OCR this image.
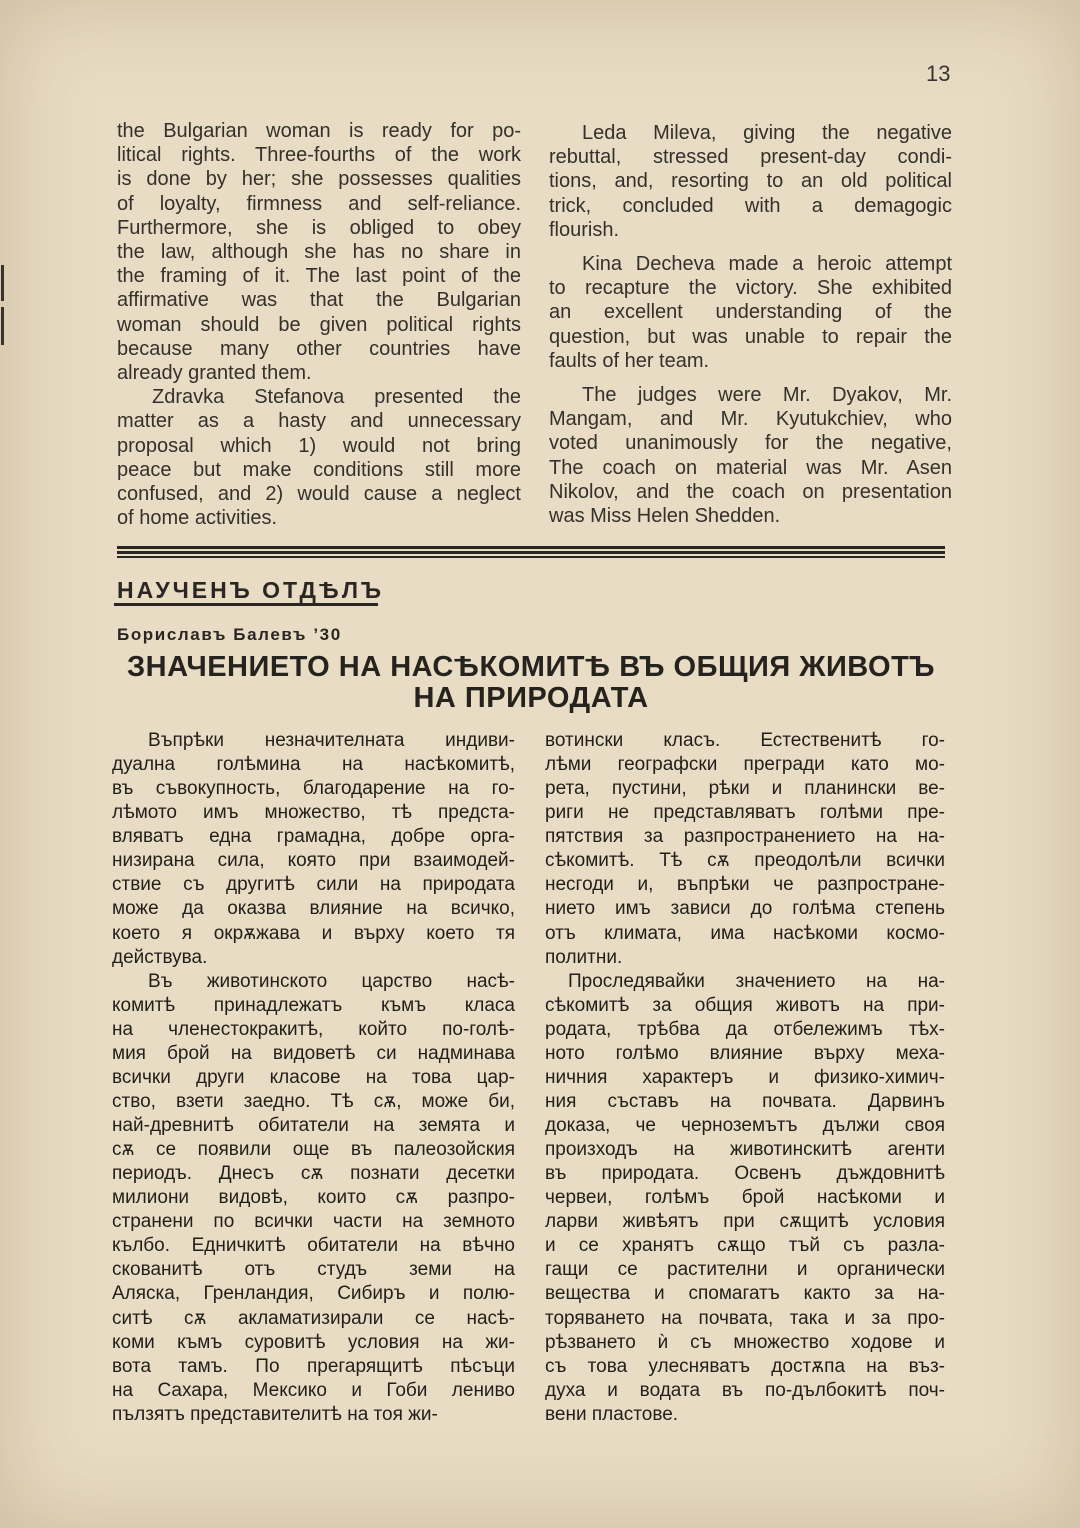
13
the Bulgarian woman is ready for po-
litical rights. Three-fourths of the work
is done by her; she possesses qualities
of loyalty, firmness and self-reliance.
Furthermore, she is obliged to obey
the law, although she has no share in
the framing of it. The last point of the
affirmative was that the Bulgarian
woman should be given political rights
because many other countries have
already granted them.
Zdravka Stefanova presented the
matter as a hasty and unnecessary
proposal which 1) would not bring
peace but make conditions still more
confused, and 2) would cause a neglect
of home activities.
Leda Mileva, giving the negative
rebuttal, stressed present-day condi-
tions, and, resorting to an old political
trick, concluded with a demagogic
flourish.
Kina Decheva made a heroic attempt
to recapture the victory. She exhibited
an excellent understanding of the
question, but was unable to repair the
faults of her team.
The judges were Mr. Dyakov, Mr.
Mangam, and Mr. Kyutukchiev, who
voted unanimously for the negative,
The coach on material was Mr. Asen
Nikolov, and the coach on presentation
was Miss Helen Shedden.
НАУЧЕНЪ ОТДѢЛЪ
Бориславъ Балевъ ’30
ЗНАЧЕНИЕТО НА НАСѢКОМИТѢ ВЪ ОБЩИЯ ЖИВОТЪ
НА ПРИРОДАТА
Въпрѣки незначителната индиви-
дуална голѣмина на насѣкомитѣ,
въ съвокупность, благодарение на го-
лѣмото имъ множество, тѣ предста-
вляватъ една грамадна, добре орга-
низирана сила, която при взаимодей-
ствие съ другитѣ сили на природата
може да оказва влияние на всичко,
което я окрѫжава и върху което тя
действува.
Въ животинското царство насѣ-
комитѣ принадлежатъ къмъ класа
на членестокракитѣ, който по-голѣ-
мия брой на видоветѣ си надминава
всички други класове на това цар-
ство, взети заедно. Тѣ сѫ, може би,
най-древнитѣ обитатели на земята и
сѫ се появили още въ палеозойския
периодъ. Днесъ сѫ познати десетки
милиони видовѣ, които сѫ разпро-
странени по всички части на земното
кълбо. Едничкитѣ обитатели на вѣчно
скованитѣ отъ студъ земи на
Аляска, Гренландия, Сибиръ и полю-
ситѣ сѫ акламатизирали се насѣ-
коми къмъ суровитѣ условия на жи-
вота тамъ. По прегарящитѣ пѣсъци
на Сахара, Мексико и Гоби лениво
пълзятъ представителитѣ на тоя жи-
вотински класъ. Естественитѣ го-
лѣми географски прегради като мо-
рета, пустини, рѣки и планински ве-
риги не представляватъ голѣми пре-
пятствия за разпространението на на-
сѣкомитѣ. Тѣ сѫ преодолѣли всички
несгоди и, въпрѣки че разпростране-
нието имъ зависи до голѣма степень
отъ климата, има насѣкоми космо-
политни.
Проследявайки значението на на-
сѣкомитѣ за общия животъ на при-
родата, трѣбва да отбележимъ тѣх-
ното голѣмо влияние върху меха-
ничния характеръ и физико-химич-
ния съставъ на почвата. Дарвинъ
доказа, че черноземътъ дължи своя
произходъ на животинскитѣ агенти
въ природата. Освенъ дъждовнитѣ
червеи, голѣмъ брой насѣкоми и
ларви живѣятъ при сѫщитѣ условия
и се хранятъ сѫщо тъй съ разла-
гащи се растителни и органически
вещества и спомагатъ както за на-
торяването на почвата, така и за про-
рѣзването ѝ съ множество ходове и
съ това улесняватъ достѫпа на въз-
духа и водата въ по-дълбокитѣ поч-
вени пластове.
